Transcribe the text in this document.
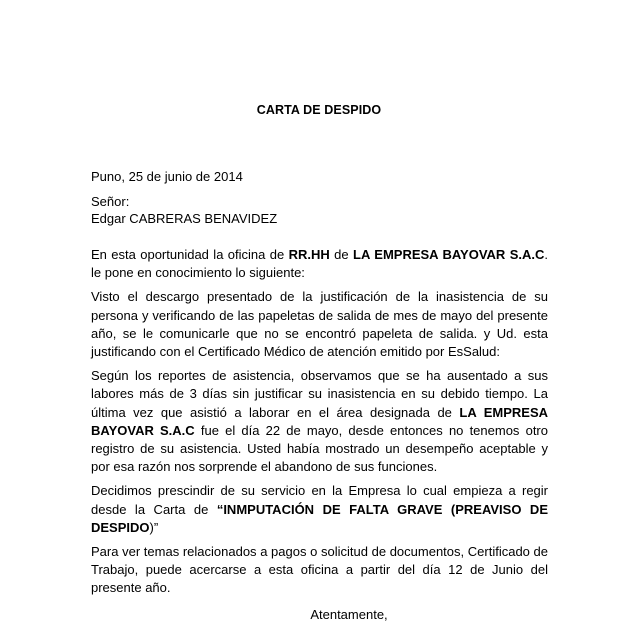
CARTA DE DESPIDO
Puno, 25 de junio de 2014
Señor:
Edgar CABRERAS BENAVIDEZ

En esta oportunidad la oficina de RR.HH de LA EMPRESA BAYOVAR S.A.C. le pone en conocimiento lo siguiente:

Visto el descargo presentado de la justificación de la inasistencia de su persona y verificando de las papeletas de salida de mes de mayo del presente año, se le comunicarle que no se encontró papeleta de salida. y Ud. esta justificando con el Certificado Médico de atención emitido por EsSalud:

Según los reportes de asistencia, observamos que se ha ausentado a sus labores más de 3 días sin justificar su inasistencia en su debido tiempo. La última vez que asistió a laborar en el área designada de LA EMPRESA BAYOVAR S.A.C fue el día 22 de mayo, desde entonces no tenemos otro registro de su asistencia. Usted había mostrado un desempeño aceptable y por esa razón nos sorprende el abandono de sus funciones.

Decidimos prescindir de su servicio en la Empresa lo cual empieza a regir desde la Carta de “INMPUTACIÓN DE FALTA GRAVE (PREAVISO DE DESPIDO)”

Para ver temas relacionados a pagos o solicitud de documentos, Certificado de Trabajo, puede acercarse a esta oficina a partir del día 12 de Junio del presente año.

Atentamente,
